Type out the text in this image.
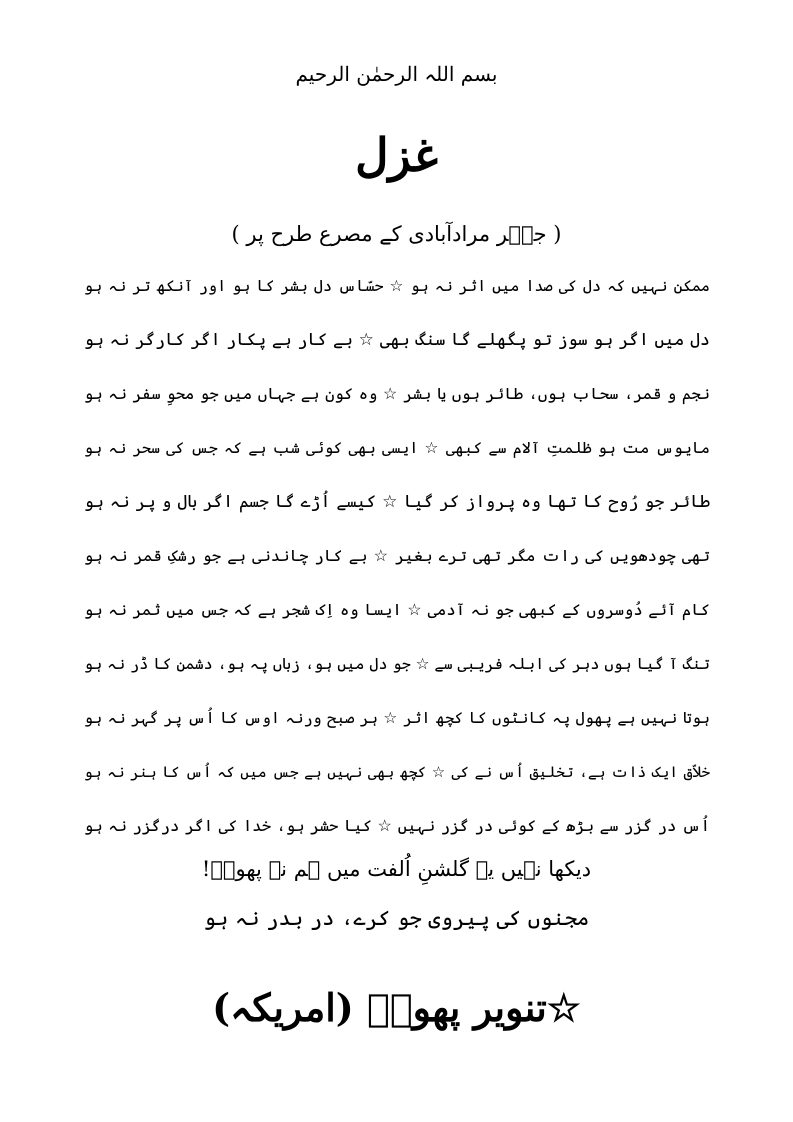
بسم اللہ الرحمٰن الرحیم
غزل
( جگؔر مرادآبادی کے مصرع طرح پر )
ممکن نہیں کہ دل کی صدا میں اثر نہ ہو ☆ حسّاس دل بشر کا ہو اور آنکھ تر نہ ہو
دل میں اگر ہو سوز تو پگھلے گا سنگ بھی ☆ بے کار ہے پکار اگر کارگر نہ ہو
نجم و قمر، سحاب ہوں، طائر ہوں یا بشر ☆ وہ کون ہے جہاں میں جو محوِ سفر نہ ہو
مایوس مت ہو ظلمتِ آلام سے کبھی ☆ ایسی بھی کوئی شب ہے کہ جس کی سحر نہ ہو
طائر جو رُوح کا تھا وہ پرواز کر گیا ☆ کیسے اُڑے گا جسم اگر بال و پر نہ ہو
تھی چودھویں کی رات مگر تھی ترے بغیر ☆ بے کار چاندنی ہے جو رشکِ قمر نہ ہو
کام آئے دُوسروں کے کبھی جو نہ آدمی ☆ ایسا وہ اِک شجر ہے کہ جس میں ثمر نہ ہو
تنگ آ گیا ہوں دہر کی ابلہ فریبی سے ☆ جو دل میں ہو، زباں پہ ہو، دشمن کا ڈر نہ ہو
ہوتا نہیں ہے پھول پہ کانٹوں کا کچھ اثر ☆ ہر صبح ورنہ اوس کا اُس پر گہر نہ ہو
خلاّق ایک ذات ہے، تخلیق اُس نے کی ☆ کچھ بھی نہیں ہے جس میں کہ اُس کا ہنر نہ ہو
اُس در گزر سے بڑھ کے کوئی در گزر نہیں ☆ کیا حشر ہو، خدا کی اگر درگزر نہ ہو
دیکھا نہیں یہ گلشنِ اُلفت میں ہم نے پھولؔ!
مجنوں کی پیروی جو کرے، در بدر نہ ہو
☆تنویر پھولؔ (امریکہ)
